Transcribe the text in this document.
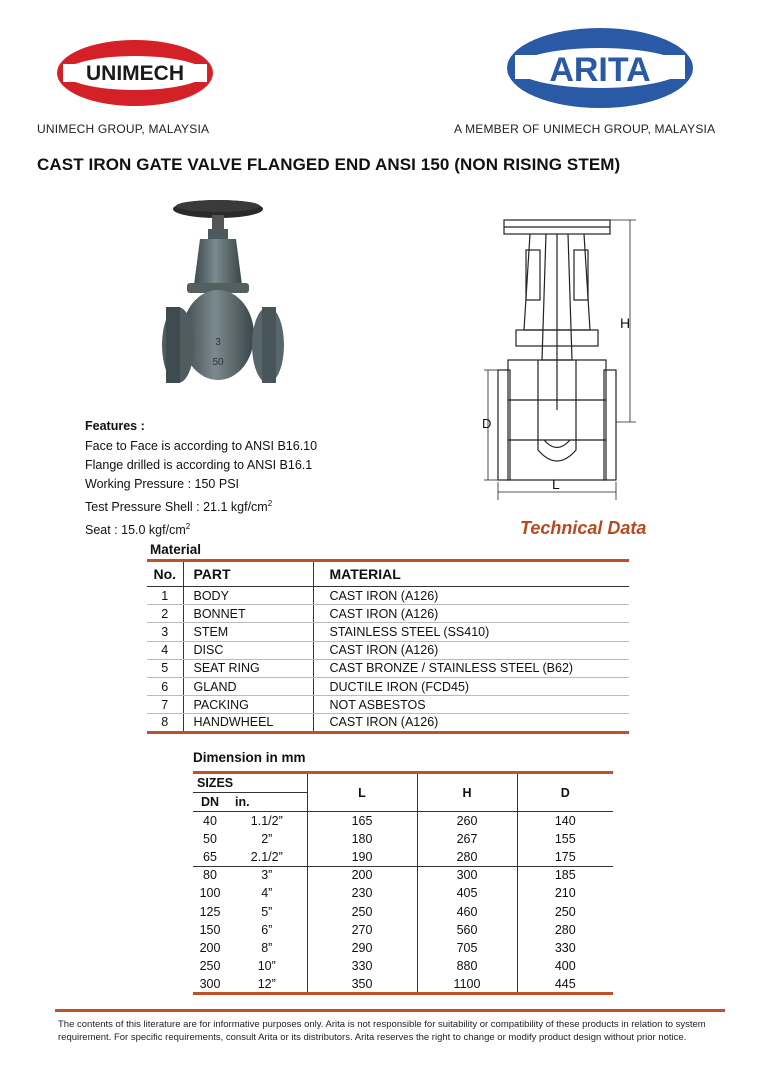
UNIMECH	ARITA
UNIMECH GROUP, MALAYSIA	A MEMBER OF UNIMECH GROUP, MALAYSIA
CAST IRON GATE VALVE FLANGED END ANSI 150 (NON RISING STEM)
3
50
H
D
L
Features :
Face to Face is according to ANSI B16.10
Flange drilled is according to ANSI B16.1
Working Pressure : 150 PSI
Test Pressure Shell : 21.1 kgf/$cm^2$
Seat : 15.0 kgf/$cm^2$	Technical Data
Material
No.	PART	MATERIAL
1	BODY	CAST IRON (A126)
2	BONNET	CAST IRON (A126)
3	STEM	STAINLESS STEEL (SS410)
4	DISC	CAST IRON (A126)
5	SEAT RING	CAST BRONZE / STAINLESS STEEL (B62)
6	GLAND	DUCTILE IRON (FCD45)
7	PACKING	NOT ASBESTOS
8	HANDWHEEL	CAST IRON (A126)
Dimension in mm
SIZES		L	H	D
DN	in.			
40	1.1/2”	165	260	140
50	2”	180	267	155
65	2.1/2”	190	280	175
80	3”	200	300	185
100	4”	230	405	210
125	5”	250	460	250
150	6”	270	560	280
200	8”	290	705	330
250	10”	330	880	400
300	12”	350	1100	445
The contents of this literature are for informative purposes only. Arita is not responsible for suitability or compatibility of these products in relation to system requirement. For specific requirements, consult Arita or its distributors. Arita reserves the right to change or modify product design without prior notice.
